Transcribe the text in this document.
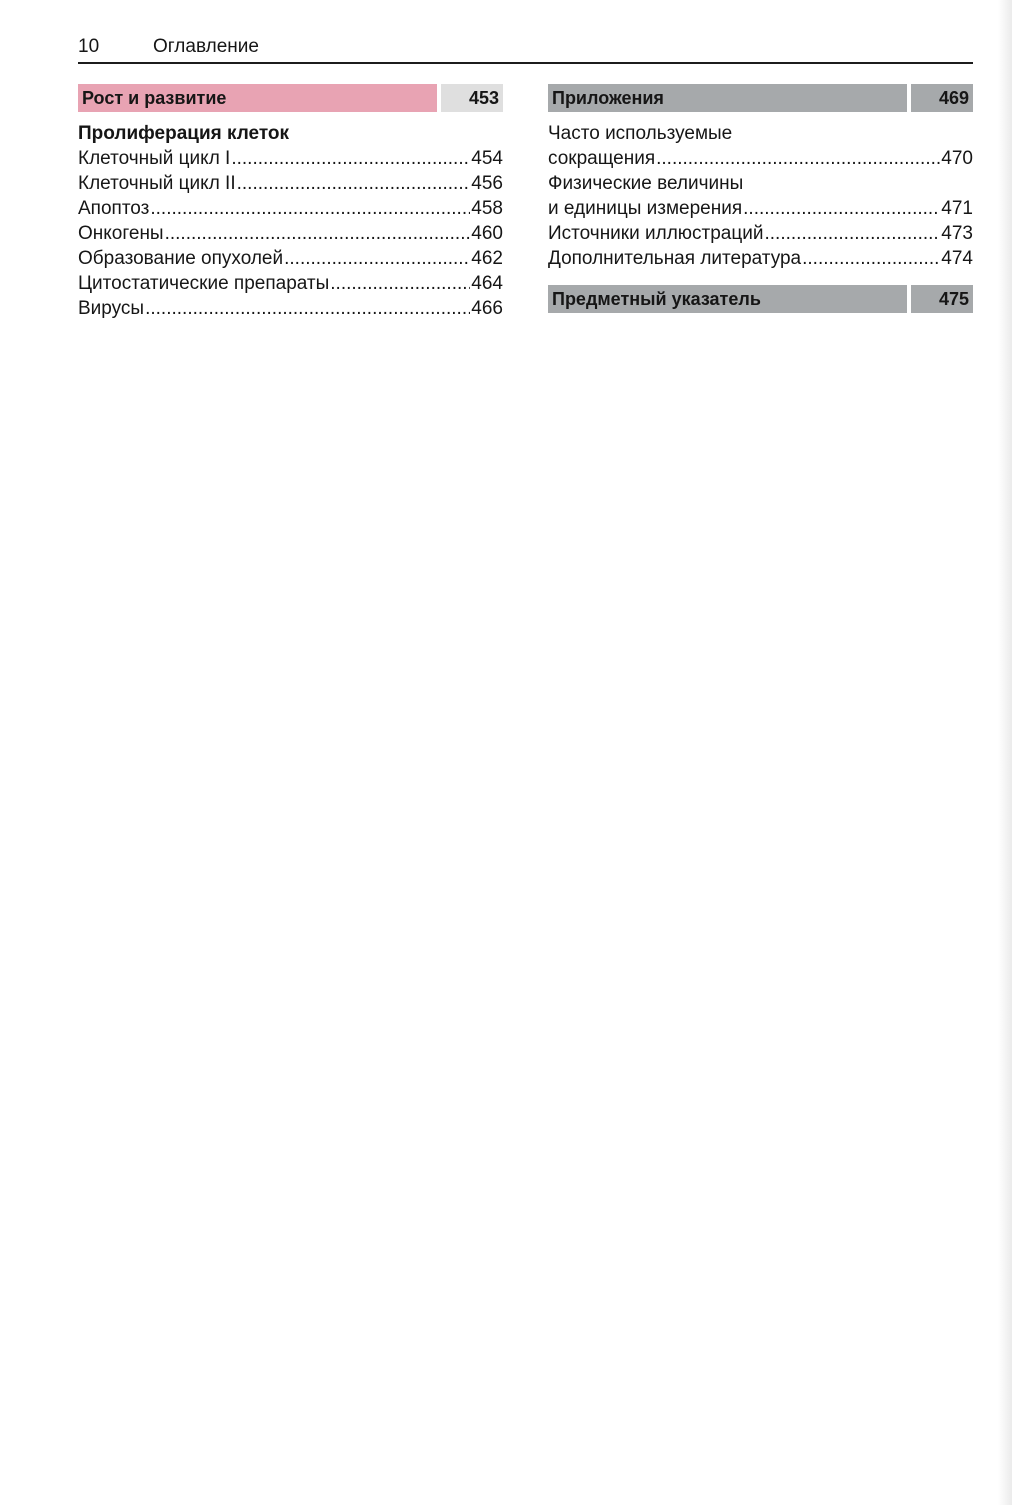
10	Оглавление
Рост и развитие	453
Пролиферация клеток
Клеточный цикл I .....	454
Клеточный цикл II .....	456
Апоптоз .....	458
Онкогены .....	460
Образование опухолей .....	462
Цитостатические препараты .....	464
Вирусы .....	466
Приложения	469
Часто используемые
сокращения .....	470
Физические величины
и единицы измерения .....	471
Источники иллюстраций .....	473
Дополнительная литература .....	474
Предметный указатель	475
